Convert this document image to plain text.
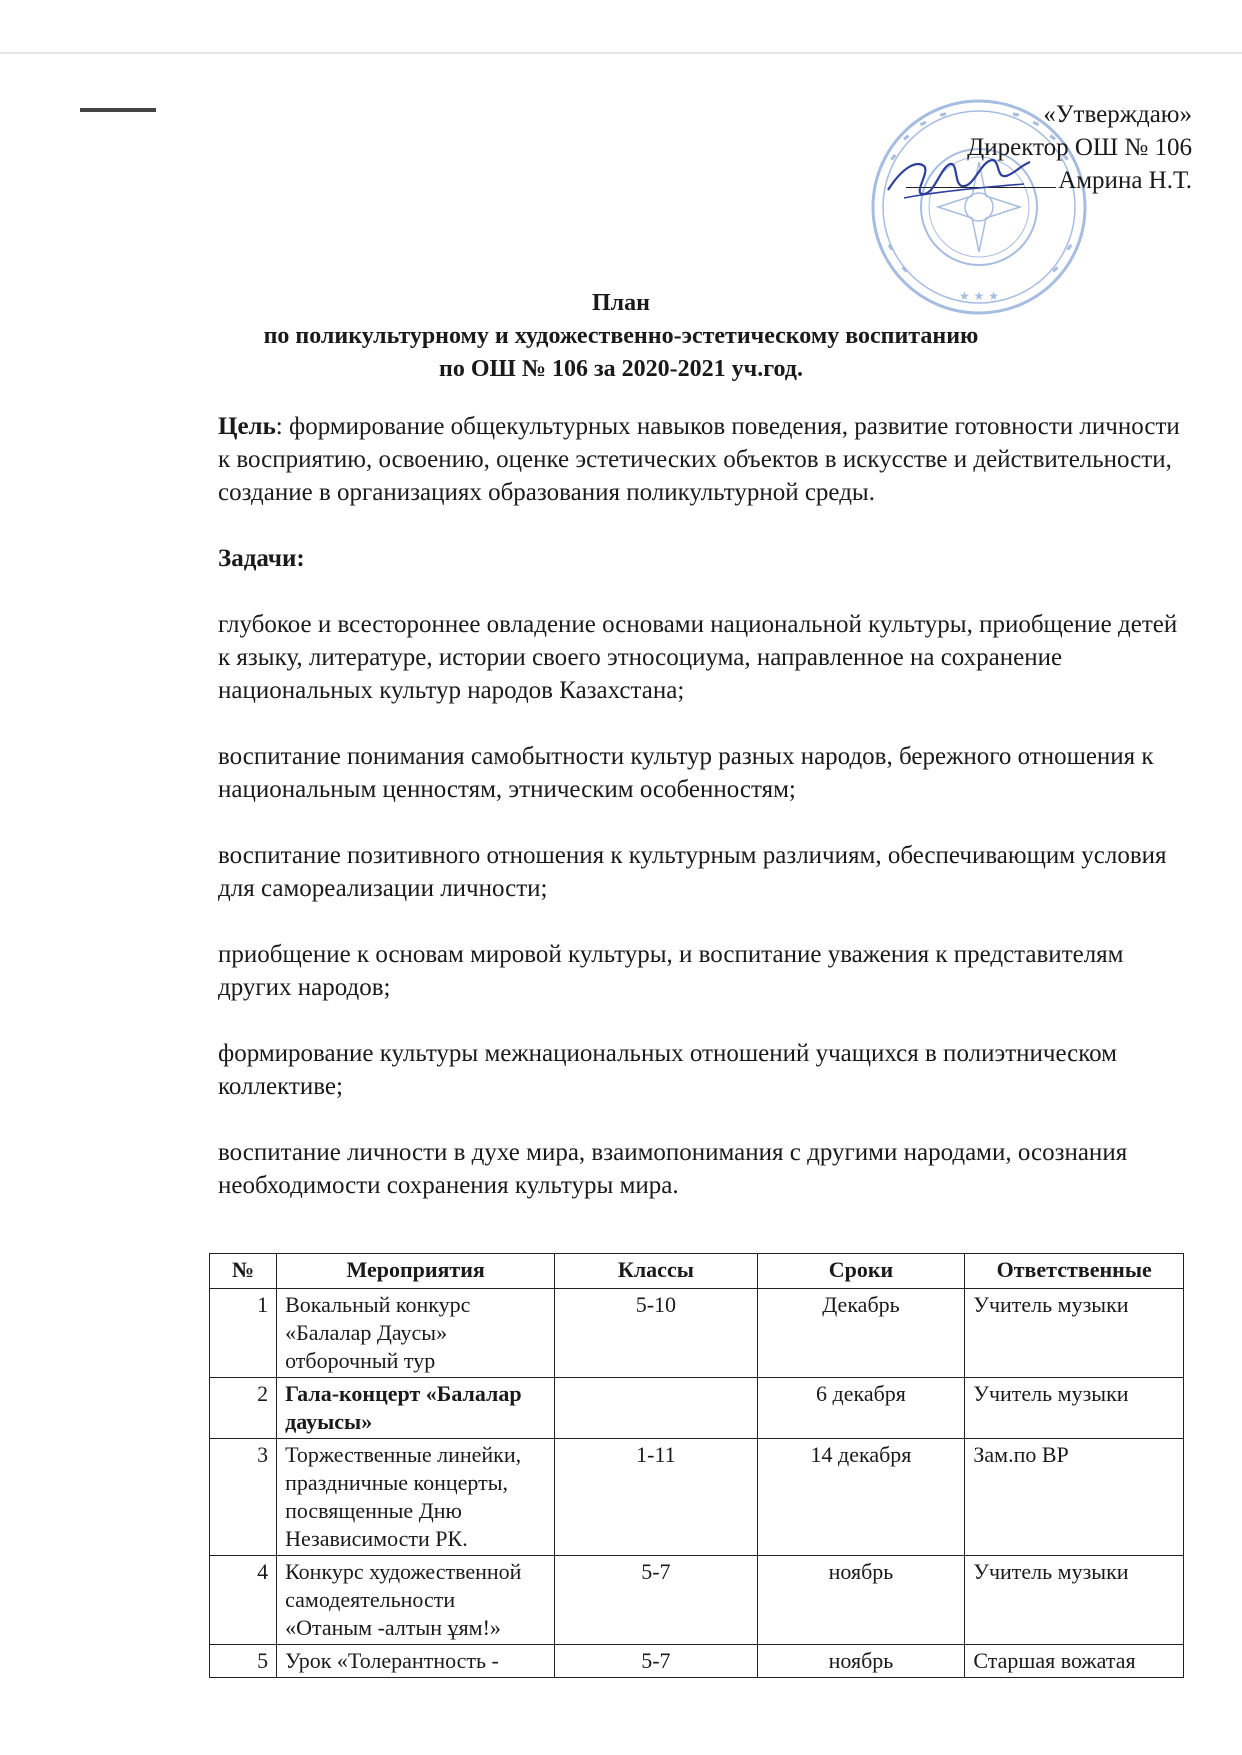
★ ★ ★
«Утверждаю»
Директор ОШ № 106
Амрина Н.Т.
План
по поликультурному и художественно-эстетическому воспитанию
по ОШ № 106 за 2020-2021 уч.год.

Цель: формирование общекультурных навыков поведения, развитие готовности личности к восприятию, освоению, оценке эстетических объектов в искусстве и действительности, создание в организациях образования поликультурной среды.

Задачи:

глубокое и всестороннее овладение основами национальной культуры, приобщение детей к языку, литературе, истории своего этносоциума, направленное на сохранение национальных культур народов Казахстана;

воспитание понимания самобытности культур разных народов, бережного отношения к национальным ценностям, этническим особенностям;

воспитание позитивного отношения к культурным различиям, обеспечивающим условия для самореализации личности;

приобщение к основам мировой культуры, и воспитание уважения к представителям других народов;

формирование культуры межнациональных отношений учащихся в полиэтническом коллективе;

воспитание личности в духе мира, взаимопонимания с другими народами, осознания необходимости сохранения культуры мира.

№	Мероприятия	Классы	Сроки	Ответственные
1	Вокальный конкурс «Балалар Даусы» отборочный тур	5-10	Декабрь	Учитель музыки
2	Гала-концерт «Балалар дауысы»		6 декабря	Учитель музыки
3	Торжественные линейки, праздничные концерты, посвященные Дню Независимости РК.	1-11	14 декабря	Зам.по ВР
4	Конкурс художественной самодеятельности «Отаным -алтын ұям!»	5-7	ноябрь	Учитель музыки
5	Урок «Толерантность -	5-7	ноябрь	Старшая вожатая
